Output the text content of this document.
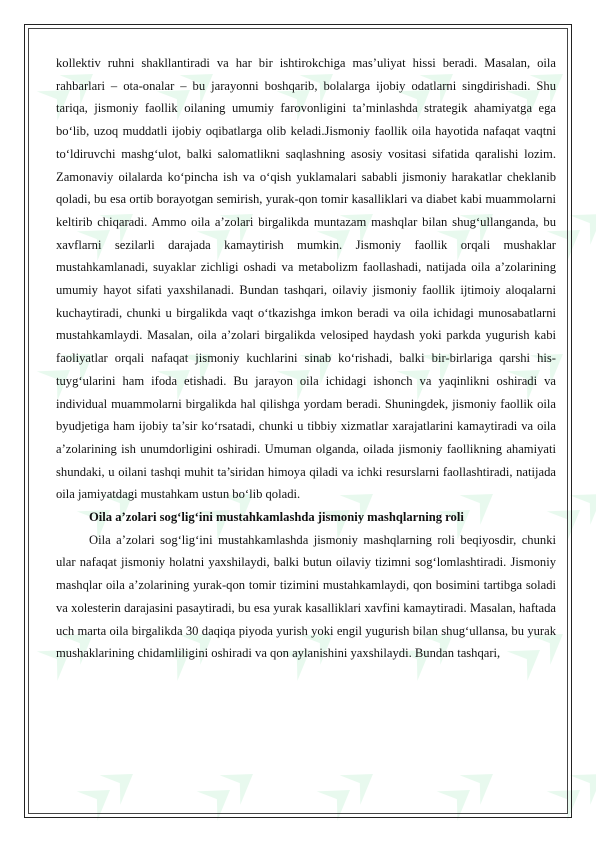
kollektiv ruhni shakllantiradi va har bir ishtirokchiga mas’uliyat hissi beradi. Masalan, oila rahbarlari – ota-onalar – bu jarayonni boshqarib, bolalarga ijobiy odatlarni singdirishadi. Shu tariqa, jismoniy faollik oilaning umumiy farovonligini ta’minlashda strategik ahamiyatga ega bo‘lib, uzoq muddatli ijobiy oqibatlarga olib keladi.Jismoniy faollik oila hayotida nafaqat vaqtni to‘ldiruvchi mashg‘ulot, balki salomatlikni saqlashning asosiy vositasi sifatida qaralishi lozim. Zamonaviy oilalarda ko‘pincha ish va o‘qish yuklamalari sababli jismoniy harakatlar cheklanib qoladi, bu esa ortib borayotgan semirish, yurak-qon tomir kasalliklari va diabet kabi muammolarni keltirib chiqaradi. Ammo oila a’zolari birgalikda muntazam mashqlar bilan shug‘ullanganda, bu xavflarni sezilarli darajada kamaytirish mumkin. Jismoniy faollik orqali mushaklar mustahkamlanadi, suyaklar zichligi oshadi va metabolizm faollashadi, natijada oila a’zolarining umumiy hayot sifati yaxshilanadi. Bundan tashqari, oilaviy jismoniy faollik ijtimoiy aloqalarni kuchaytiradi, chunki u birgalikda vaqt o‘tkazishga imkon beradi va oila ichidagi munosabatlarni mustahkamlaydi. Masalan, oila a’zolari birgalikda velosiped haydash yoki parkda yugurish kabi faoliyatlar orqali nafaqat jismoniy kuchlarini sinab ko‘rishadi, balki bir-birlariga qarshi his-tuyg‘ularini ham ifoda etishadi. Bu jarayon oila ichidagi ishonch va yaqinlikni oshiradi va individual muammolarni birgalikda hal qilishga yordam beradi. Shuningdek, jismoniy faollik oila byudjetiga ham ijobiy ta’sir ko‘rsatadi, chunki u tibbiy xizmatlar xarajatlarini kamaytiradi va oila a’zolarining ish unumdorligini oshiradi. Umuman olganda, oilada jismoniy faollikning ahamiyati shundaki, u oilani tashqi muhit ta’siridan himoya qiladi va ichki resurslarni faollashtiradi, natijada oila jamiyatdagi mustahkam ustun bo‘lib qoladi.

Oila a’zolari sog‘lig‘ini mustahkamlashda jismoniy mashqlarning roli

Oila a’zolari sog‘lig‘ini mustahkamlashda jismoniy mashqlarning roli beqiyosdir, chunki ular nafaqat jismoniy holatni yaxshilaydi, balki butun oilaviy tizimni sog‘lomlashtiradi. Jismoniy mashqlar oila a’zolarining yurak-qon tomir tizimini mustahkamlaydi, qon bosimini tartibga soladi va xolesterin darajasini pasaytiradi, bu esa yurak kasalliklari xavfini kamaytiradi. Masalan, haftada uch marta oila birgalikda 30 daqiqa piyoda yurish yoki engil yugurish bilan shug‘ullansa, bu yurak mushaklarining chidamliligini oshiradi va qon aylanishini yaxshilaydi. Bundan tashqari,
